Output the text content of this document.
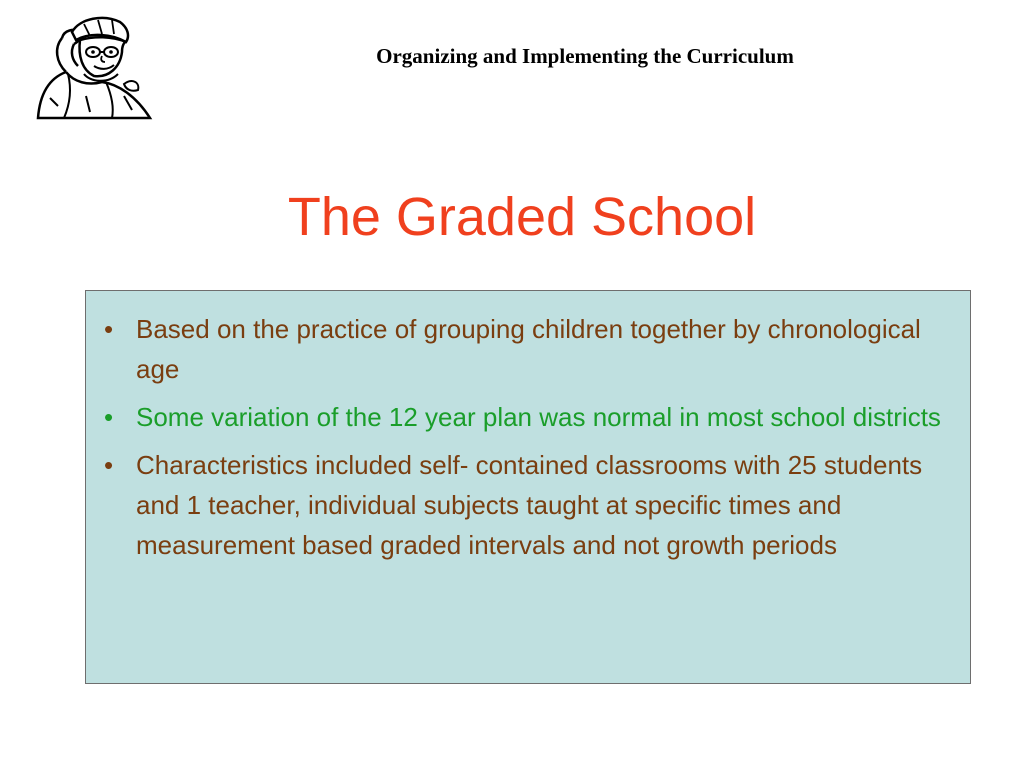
Organizing and Implementing the Curriculum
The Graded School
• Based on the practice of grouping children together by chronological age
• Some variation of the 12 year plan was normal in most school districts
• Characteristics included self- contained classrooms with 25 students and 1 teacher, individual subjects taught at specific times and measurement based graded intervals and not growth periods
